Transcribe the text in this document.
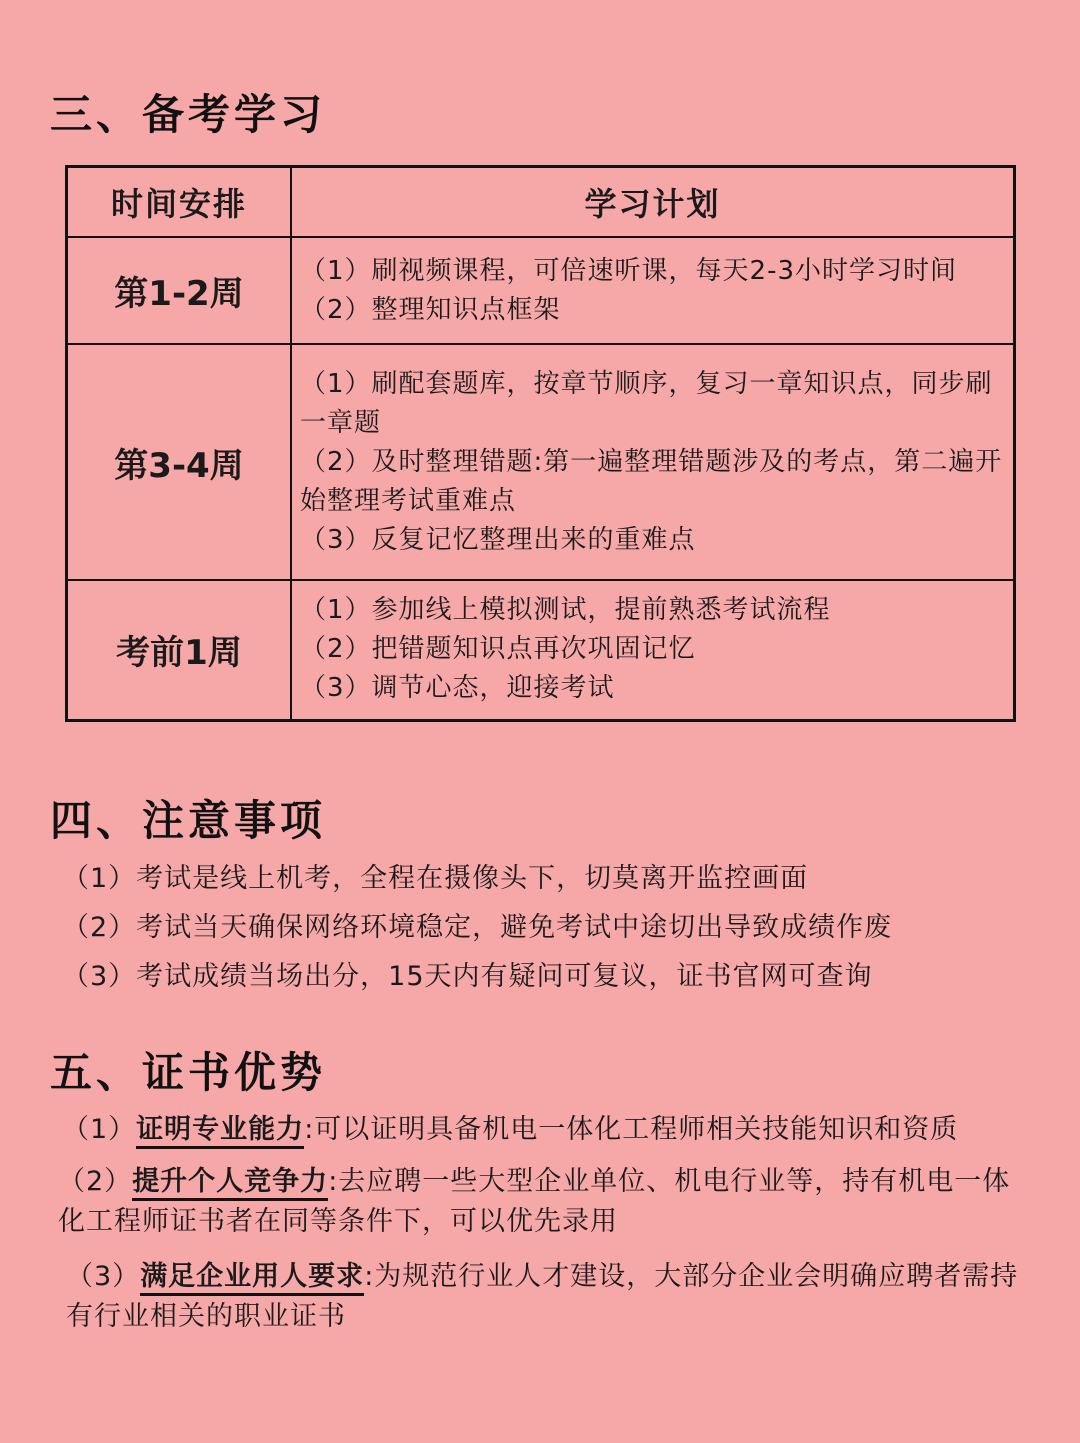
三、备考学习
时间安排	学习计划
第1-2周	（1）刷视频课程，可倍速听课，每天2-3小时学习时间
（2）整理知识点框架

第3-4周	（1）刷配套题库，按章节顺序，复习一章知识点，同步刷一章题
（2）及时整理错题:第一遍整理错题涉及的考点，第二遍开始整理考试重难点
（3）反复记忆整理出来的重难点

考前1周	（1）参加线上模拟测试，提前熟悉考试流程
（2）把错题知识点再次巩固记忆
（3）调节心态，迎接考试
四、注意事项
（1）考试是线上机考，全程在摄像头下，切莫离开监控画面
（2）考试当天确保网络环境稳定，避免考试中途切出导致成绩作废
（3）考试成绩当场出分，15天内有疑问可复议，证书官网可查询
五、证书优势
（1）证明专业能力:可以证明具备机电一体化工程师相关技能知识和资质
（2）提升个人竞争力:去应聘一些大型企业单位、机电行业等，持有机电一体化工程师证书者在同等条件下，可以优先录用
（3）满足企业用人要求:为规范行业人才建设，大部分企业会明确应聘者需持有行业相关的职业证书
